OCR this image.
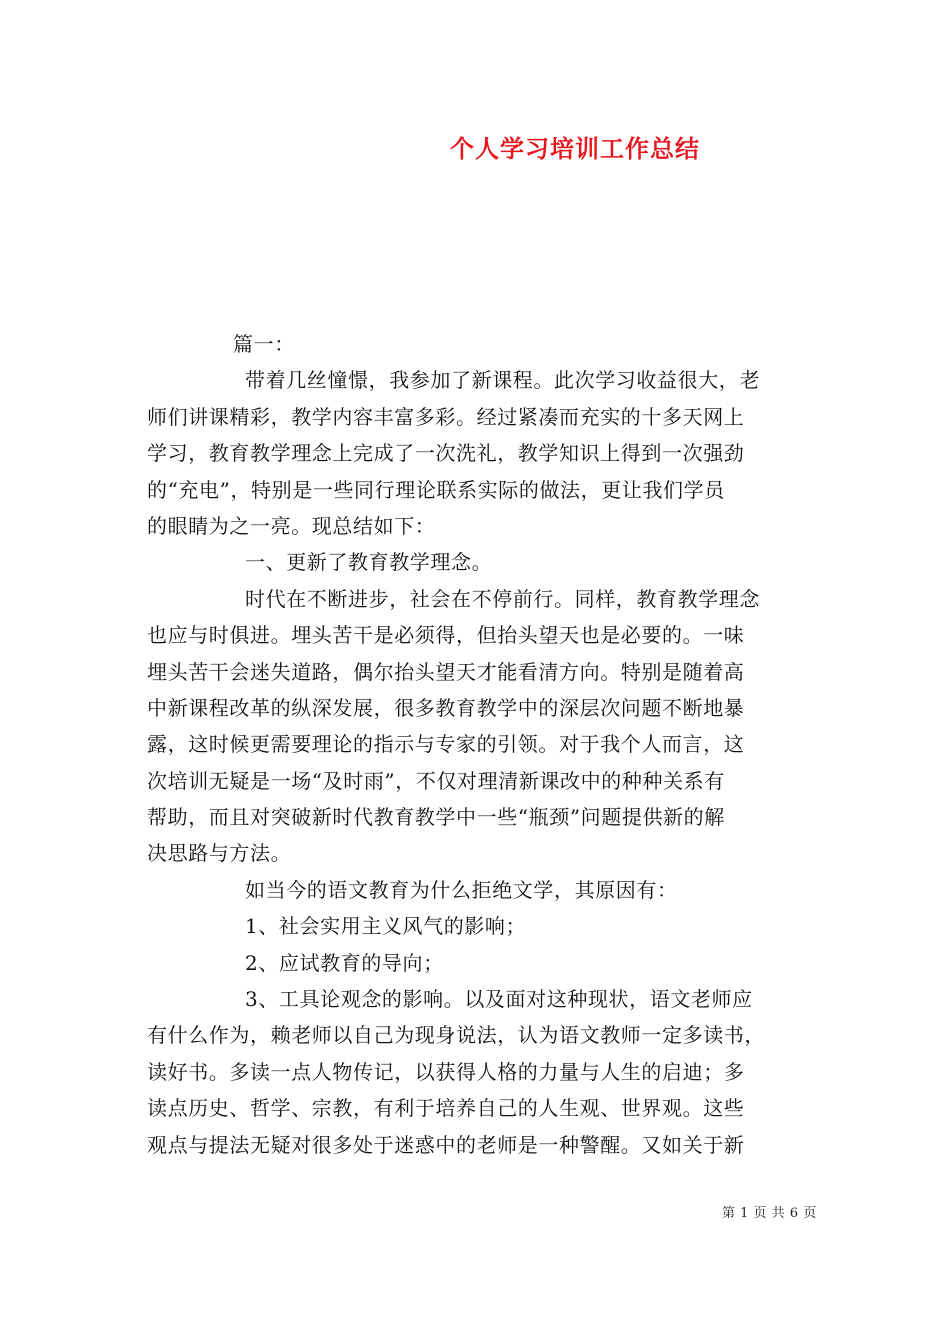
个人学习培训工作总结
篇一：
带着几丝憧憬，我参加了新课程。此次学习收益很大，老
师们讲课精彩，教学内容丰富多彩。经过紧凑而充实的十多天网上
学习，教育教学理念上完成了一次洗礼，教学知识上得到一次强劲
的“充电”，特别是一些同行理论联系实际的做法，更让我们学员
的眼睛为之一亮。现总结如下：
一、更新了教育教学理念。
时代在不断进步，社会在不停前行。同样，教育教学理念
也应与时俱进。埋头苦干是必须得，但抬头望天也是必要的。一味
埋头苦干会迷失道路，偶尔抬头望天才能看清方向。特别是随着高
中新课程改革的纵深发展，很多教育教学中的深层次问题不断地暴
露，这时候更需要理论的指示与专家的引领。对于我个人而言，这
次培训无疑是一场“及时雨”，不仅对理清新课改中的种种关系有
帮助，而且对突破新时代教育教学中一些“瓶颈”问题提供新的解
决思路与方法。
如当今的语文教育为什么拒绝文学，其原因有：
1、社会实用主义风气的影响；
2、应试教育的导向；
3、工具论观念的影响。以及面对这种现状，语文老师应
有什么作为，赖老师以自己为现身说法，认为语文教师一定多读书，
读好书。多读一点人物传记，以获得人格的力量与人生的启迪；多
读点历史、哲学、宗教，有利于培养自己的人生观、世界观。这些
观点与提法无疑对很多处于迷惑中的老师是一种警醒。又如关于新
第 1 页 共 6 页
